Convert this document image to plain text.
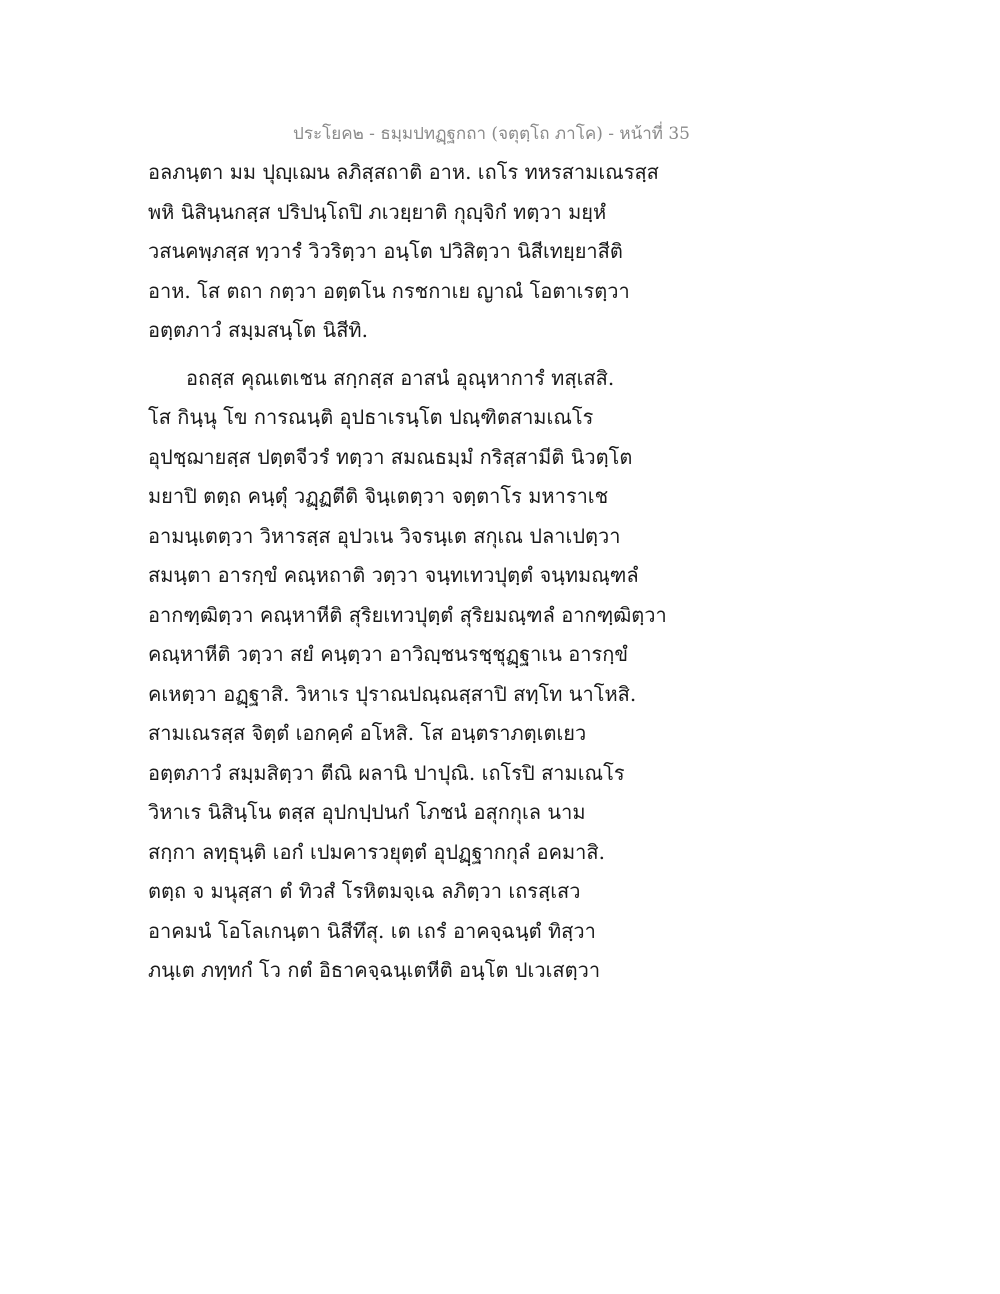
ประโยค๒ - ธมฺมปทฏฺฐกถา (จตุตฺโถ ภาโค) - หน้าที่ 35
อลภนฺตา มม ปุญฺเฌน ลภิสฺสถาติ อาห. เถโร ทหรสามเณรสฺส
พหิ นิสินฺนกสฺส ปริปนฺโถปิ ภเวยฺยาติ กุญฺจิกํ ทตฺวา มยฺหํ
วสนคพฺภสฺส ทฺวารํ วิวริตฺวา อนฺโต ปวิสิตฺวา นิสีเทยฺยาสีติ
อาห. โส ตถา กตฺวา อตฺตโน กรชกาเย ญาณํ โอตาเรตฺวา
อตฺตภาวํ สมฺมสนฺโต นิสีทิ.
อถสฺส คุณเตเชน สกฺกสฺส อาสนํ อุณฺหาการํ ทสฺเสสิ.
โส กินฺนุ โข การณนฺติ อุปธาเรนฺโต ปณฺฑิตสามเณโร
อุปชฺฌายสฺส ปตฺตจีวรํ ทตฺวา สมณธมฺมํ กริสฺสามีติ นิวตฺโต
มยาปิ ตตฺถ คนฺตุํ วฏฺฏตีติ จินฺเตตฺวา จตฺตาโร มหาราเช
อามนฺเตตฺวา วิหารสฺส อุปวเน วิจรนฺเต สกุเณ ปลาเปตฺวา
สมนฺตา อารกฺขํ คณฺหถาติ วตฺวา จนฺทเทวปุตฺตํ จนฺทมณฺฑลํ
อากฑฺฒิตฺวา คณฺหาหีติ สุริยเทวปุตฺตํ สุริยมณฺฑลํ อากฑฺฒิตฺวา
คณฺหาหีติ วตฺวา สยํ คนฺตฺวา อาวิญฺชนรชฺชุฏฺฐาเน อารกฺขํ
คเหตฺวา อฏฺฐาสิ. วิหาเร ปุราณปณฺณสฺสาปิ สทฺโท นาโหสิ.
สามเณรสฺส จิตฺตํ เอกคฺคํ อโหสิ. โส อนฺตราภตฺเตเยว
อตฺตภาวํ สมฺมสิตฺวา ตีณิ ผลานิ ปาปุณิ. เถโรปิ สามเณโร
วิหาเร นิสินฺโน ตสฺส อุปกปฺปนกํ โภชนํ อสุกกุเล นาม
สกฺกา ลทฺธุนฺติ เอกํ เปมคารวยุตฺตํ อุปฏฺฐากกุลํ อคมาสิ.
ตตฺถ จ มนุสฺสา ตํ ทิวสํ โรหิตมจฺเฉ ลภิตฺวา เถรสฺเสว
อาคมนํ โอโลเกนฺตา นิสีทึสุ. เต เถรํ อาคจฺฉนฺตํ ทิสฺวา
ภนฺเต ภทฺทกํ โว กตํ อิธาคจฺฉนฺเตหีติ อนฺโต ปเวเสตฺวา
